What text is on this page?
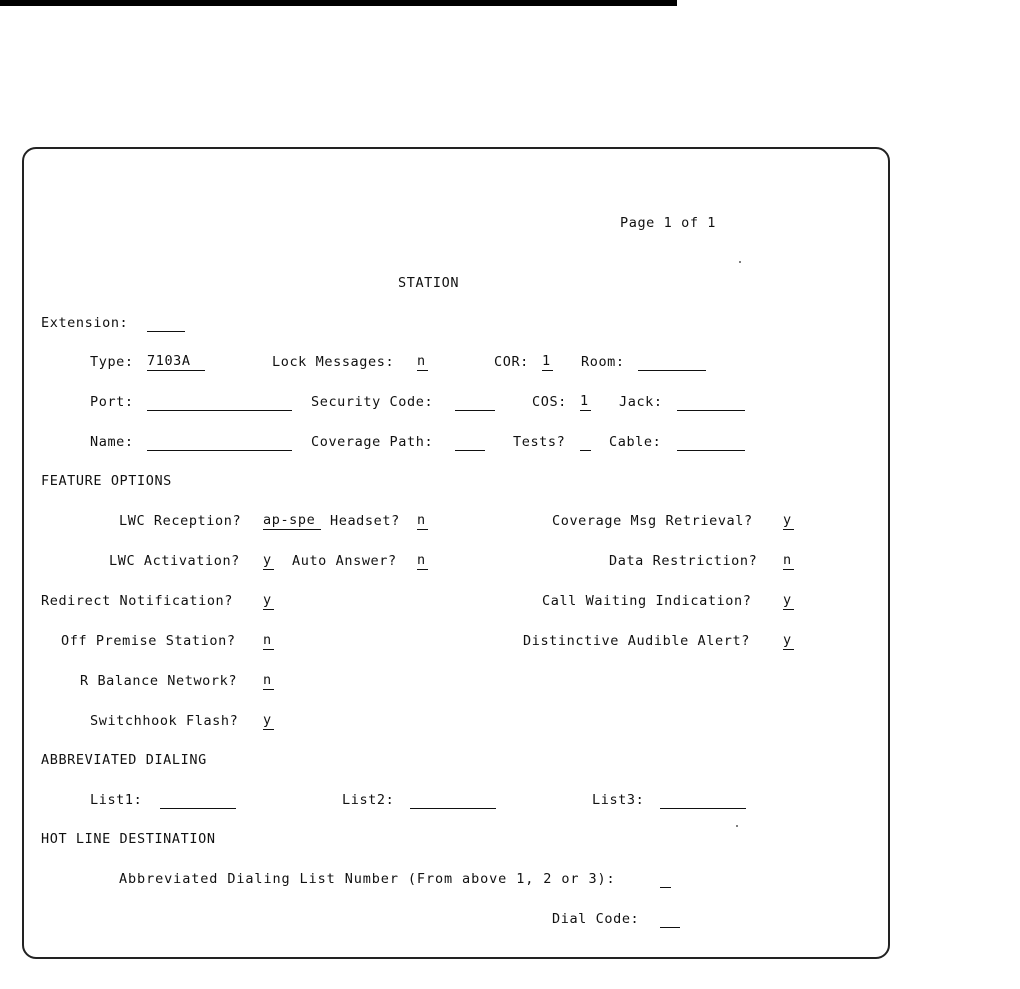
Page 1 of 1
STATION
Extension:
Type: 7103A	Lock Messages: n	COR: 1 Room:
Port:	Security Code:	COS: 1 Jack:
Name:	Coverage Path:	Tests?	Cable:
FEATURE OPTIONS
LWC Reception? ap-spe	Headset? n	Coverage Msg Retrieval? y
LWC Activation? y Auto Answer? n	Data Restriction? n
Redirect Notification? y	Call Waiting Indication? y
Off Premise Station? n	Distinctive Audible Alert? y
R Balance Network? n
Switchhook Flash? y
ABBREVIATED DIALING
List1:	List2:	List3:
HOT LINE DESTINATION
Abbreviated Dialing List Number (From above 1, 2 or 3):
Dial Code:
